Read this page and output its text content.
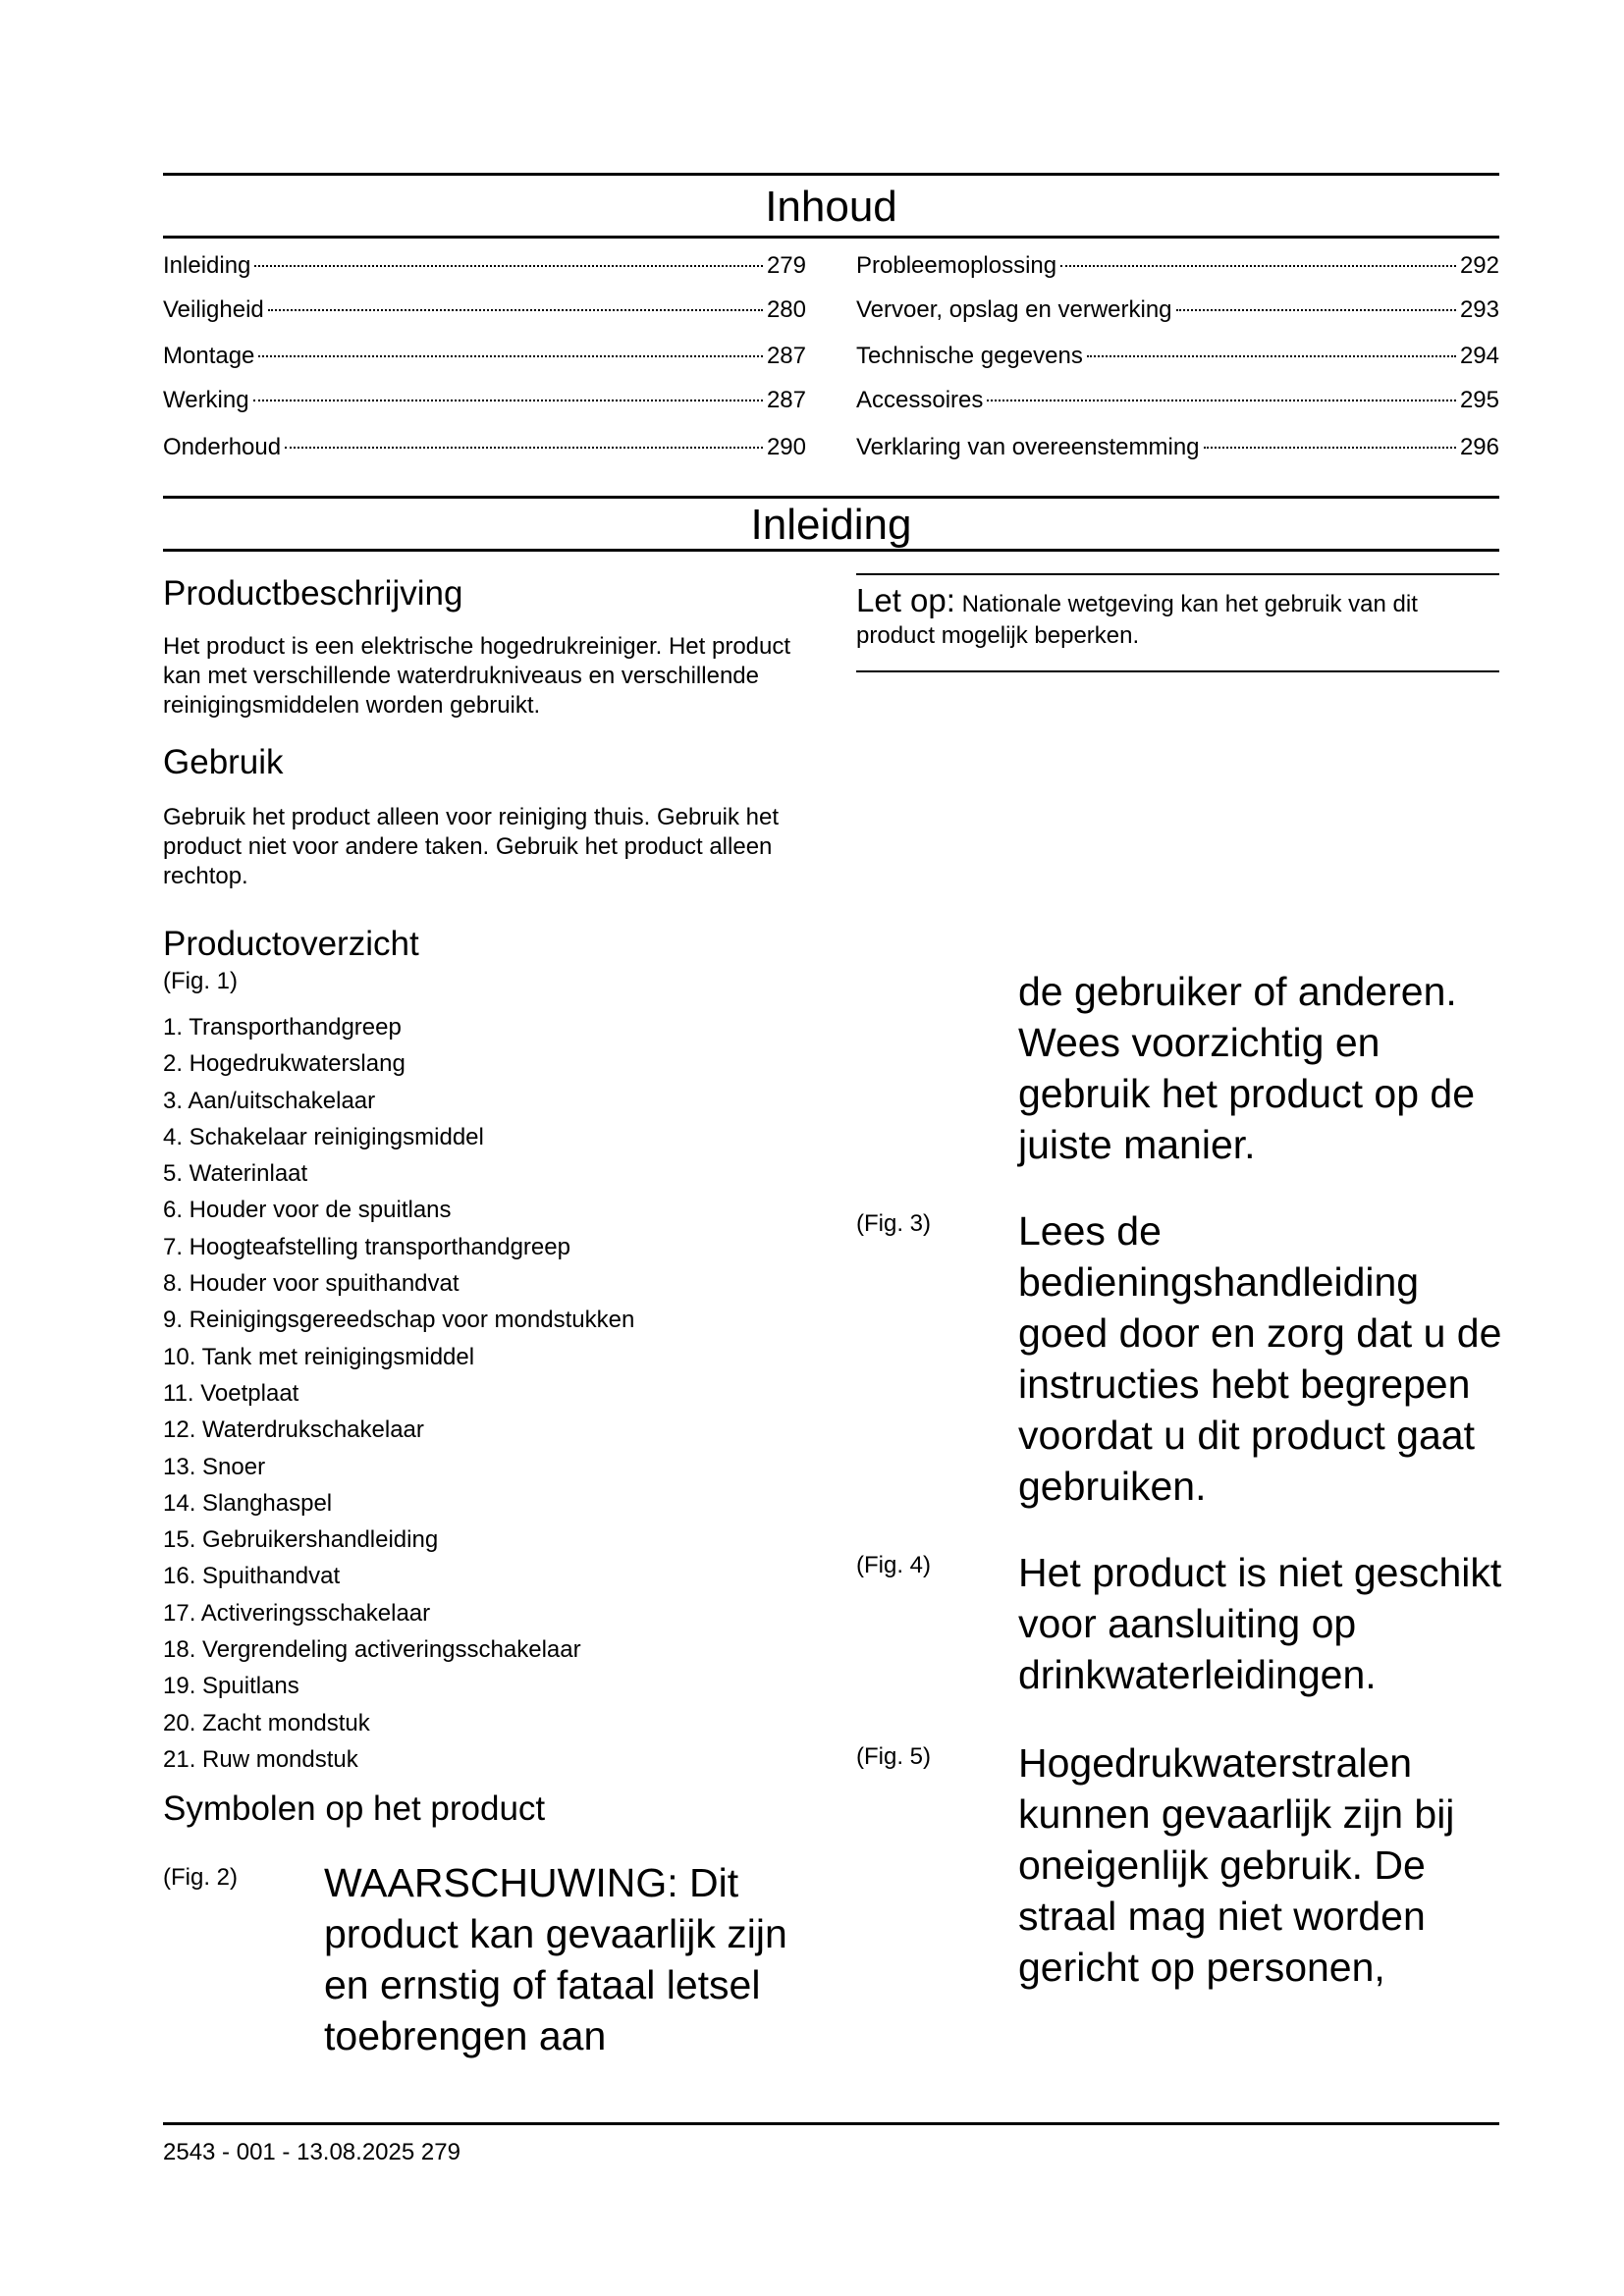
Inhoud
Inleiding	279
Veiligheid	280
Montage	287
Werking	287
Onderhoud	290
Probleemoplossing	292
Vervoer, opslag en verwerking	293
Technische gegevens	294
Accessoires	295
Verklaring van overeenstemming	296
Inleiding
Productbeschrijving

Het product is een elektrische hogedrukreiniger. Het product kan met verschillende waterdrukniveaus en verschillende reinigingsmiddelen worden gebruikt.

Gebruik

Gebruik het product alleen voor reiniging thuis. Gebruik het product niet voor andere taken. Gebruik het product alleen rechtop.

Productoverzicht
(Fig. 1)
1. Transporthandgreep
2. Hogedrukwaterslang
3. Aan/uitschakelaar
4. Schakelaar reinigingsmiddel
5. Waterinlaat
6. Houder voor de spuitlans
7. Hoogteafstelling transporthandgreep
8. Houder voor spuithandvat
9. Reinigingsgereedschap voor mondstukken
10. Tank met reinigingsmiddel
11. Voetplaat
12. Waterdrukschakelaar
13. Snoer
14. Slanghaspel
15. Gebruikershandleiding
16. Spuithandvat
17. Activeringsschakelaar
18. Vergrendeling activeringsschakelaar
19. Spuitlans
20. Zacht mondstuk
21. Ruw mondstuk
Symbolen op het product
(Fig. 2) WAARSCHUWING: Dit product kan gevaarlijk zijn en ernstig of fataal letsel toebrengen aan

Let op: Nationale wetgeving kan het gebruik van dit product mogelijk beperken.

de gebruiker of anderen. Wees voorzichtig en gebruik het product op de juiste manier.

(Fig. 3) Lees de bedieningshandleiding goed door en zorg dat u de instructies hebt begrepen voordat u dit product gaat gebruiken.

(Fig. 4) Het product is niet geschikt voor aansluiting op drinkwaterleidingen.

(Fig. 5) Hogedrukwaterstralen kunnen gevaarlijk zijn bij oneigenlijk gebruik. De straal mag niet worden gericht op personen,

2543 - 001 - 13.08.2025 279
